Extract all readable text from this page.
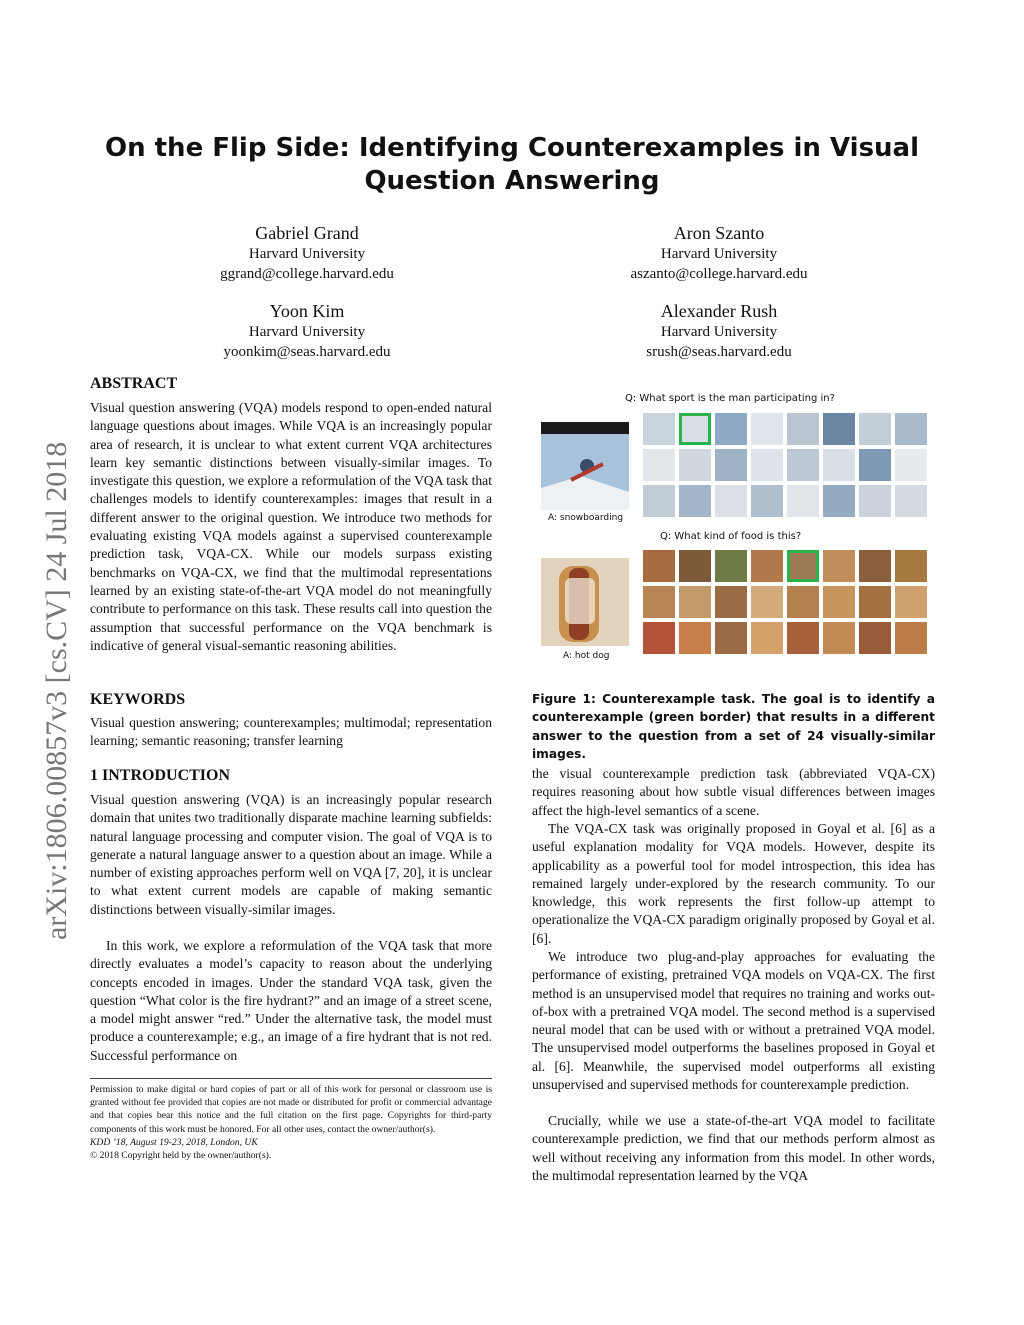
On the Flip Side: Identifying Counterexamples in Visual Question Answering
Gabriel Grand
Harvard University
ggrand@college.harvard.edu
Aron Szanto
Harvard University
aszanto@college.harvard.edu
Yoon Kim
Harvard University
yoonkim@seas.harvard.edu
Alexander Rush
Harvard University
srush@seas.harvard.edu
arXiv:1806.00857v3 [cs.CV] 24 Jul 2018
ABSTRACT

Visual question answering (VQA) models respond to open-ended natural language questions about images. While VQA is an increasingly popular area of research, it is unclear to what extent current VQA architectures learn key semantic distinctions between visually-similar images. To investigate this question, we explore a reformulation of the VQA task that challenges models to identify counterexamples: images that result in a different answer to the original question. We introduce two methods for evaluating existing VQA models against a supervised counterexample prediction task, VQA-CX. While our models surpass existing benchmarks on VQA-CX, we find that the multimodal representations learned by an existing state-of-the-art VQA model do not meaningfully contribute to performance on this task. These results call into question the assumption that successful performance on the VQA benchmark is indicative of general visual-semantic reasoning abilities.

KEYWORDS

Visual question answering; counterexamples; multimodal; representation learning; semantic reasoning; transfer learning

1 INTRODUCTION

Visual question answering (VQA) is an increasingly popular research domain that unites two traditionally disparate machine learning subfields: natural language processing and computer vision. The goal of VQA is to generate a natural language answer to a question about an image. While a number of existing approaches perform well on VQA [7, 20], it is unclear to what extent current models are capable of making semantic distinctions between visually-similar images.

In this work, we explore a reformulation of the VQA task that more directly evaluates a model’s capacity to reason about the underlying concepts encoded in images. Under the standard VQA task, given the question “What color is the fire hydrant?” and an image of a street scene, a model might answer “red.” Under the alternative task, the model must produce a counterexample; e.g., an image of a fire hydrant that is not red. Successful performance on

Permission to make digital or hard copies of part or all of this work for personal or classroom use is granted without fee provided that copies are not made or distributed for profit or commercial advantage and that copies bear this notice and the full citation on the first page. Copyrights for third-party components of this work must be honored. For all other uses, contact the owner/author(s).

KDD ’18, August 19-23, 2018, London, UK

© 2018 Copyright held by the owner/author(s).

Q: What sport is the man participating in?
A: snowboarding
Q: What kind of food is this?
A: hot dog

Figure 1: Counterexample task. The goal is to identify a counterexample (green border) that results in a different answer to the question from a set of 24 visually-similar images.

the visual counterexample prediction task (abbreviated VQA-CX) requires reasoning about how subtle visual differences between images affect the high-level semantics of a scene.

The VQA-CX task was originally proposed in Goyal et al. [6] as a useful explanation modality for VQA models. However, despite its applicability as a powerful tool for model introspection, this idea has remained largely under-explored by the research community. To our knowledge, this work represents the first follow-up attempt to operationalize the VQA-CX paradigm originally proposed by Goyal et al. [6].

We introduce two plug-and-play approaches for evaluating the performance of existing, pretrained VQA models on VQA-CX. The first method is an unsupervised model that requires no training and works out-of-box with a pretrained VQA model. The second method is a supervised neural model that can be used with or without a pretrained VQA model. The unsupervised model outperforms the baselines proposed in Goyal et al. [6]. Meanwhile, the supervised model outperforms all existing unsupervised and supervised methods for counterexample prediction.

Crucially, while we use a state-of-the-art VQA model to facilitate counterexample prediction, we find that our methods perform almost as well without receiving any information from this model. In other words, the multimodal representation learned by the VQA
